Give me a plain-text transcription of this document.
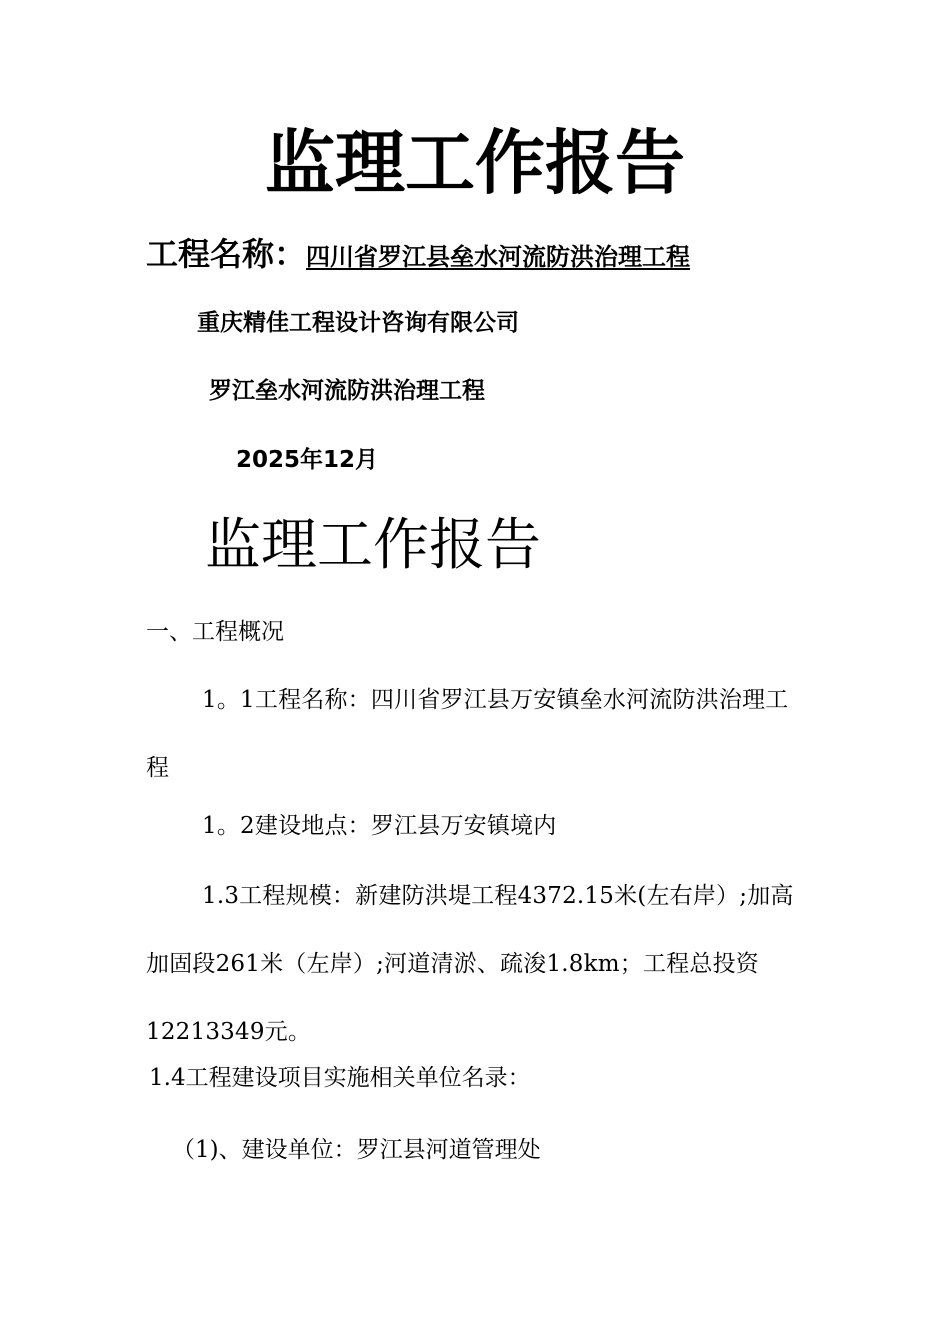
监理工作报告
工程名称：四川省罗江县垒水河流防洪治理工程
重庆精佳工程设计咨询有限公司
罗江垒水河流防洪治理工程
2025年12月
监理工作报告
一、工程概况
1。1工程名称：四川省罗江县万安镇垒水河流防洪治理工程
1。2建设地点：罗江县万安镇境内
1.3工程规模：新建防洪堤工程4372.15米(左右岸）;加高加固段261米（左岸）;河道清淤、疏浚1.8km；工程总投资12213349元。
1.4工程建设项目实施相关单位名录：
（1)、建设单位：罗江县河道管理处
